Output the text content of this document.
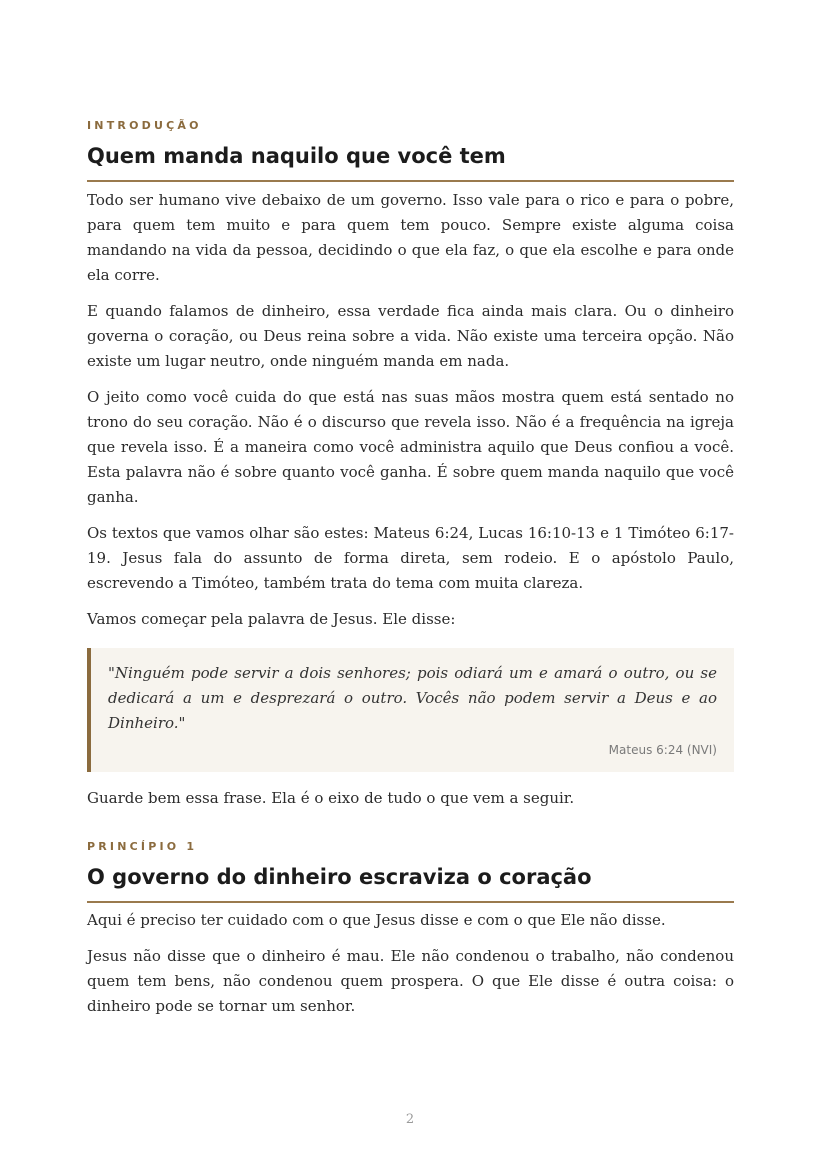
INTRODUÇÃO

Quem manda naquilo que você tem

Todo ser humano vive debaixo de um governo. Isso vale para o rico e para o pobre, para quem tem muito e para quem tem pouco. Sempre existe alguma coisa mandando na vida da pessoa, decidindo o que ela faz, o que ela escolhe e para onde ela corre.

E quando falamos de dinheiro, essa verdade fica ainda mais clara. Ou o dinheiro governa o coração, ou Deus reina sobre a vida. Não existe uma terceira opção. Não existe um lugar neutro, onde ninguém manda em nada.

O jeito como você cuida do que está nas suas mãos mostra quem está sentado no trono do seu coração. Não é o discurso que revela isso. Não é a frequência na igreja que revela isso. É a maneira como você administra aquilo que Deus confiou a você. Esta palavra não é sobre quanto você ganha. É sobre quem manda naquilo que você ganha.

Os textos que vamos olhar são estes: Mateus 6:24, Lucas 16:10-13 e 1 Timóteo 6:17-19. Jesus fala do assunto de forma direta, sem rodeio. E o apóstolo Paulo, escrevendo a Timóteo, também trata do tema com muita clareza.

Vamos começar pela palavra de Jesus. Ele disse:

"Ninguém pode servir a dois senhores; pois odiará um e amará o outro, ou se dedicará a um e desprezará o outro. Vocês não podem servir a Deus e ao Dinheiro."

Mateus 6:24 (NVI)

Guarde bem essa frase. Ela é o eixo de tudo o que vem a seguir.

PRINCÍPIO 1

O governo do dinheiro escraviza o coração

Aqui é preciso ter cuidado com o que Jesus disse e com o que Ele não disse.

Jesus não disse que o dinheiro é mau. Ele não condenou o trabalho, não condenou quem tem bens, não condenou quem prospera. O que Ele disse é outra coisa: o dinheiro pode se tornar um senhor.

2
